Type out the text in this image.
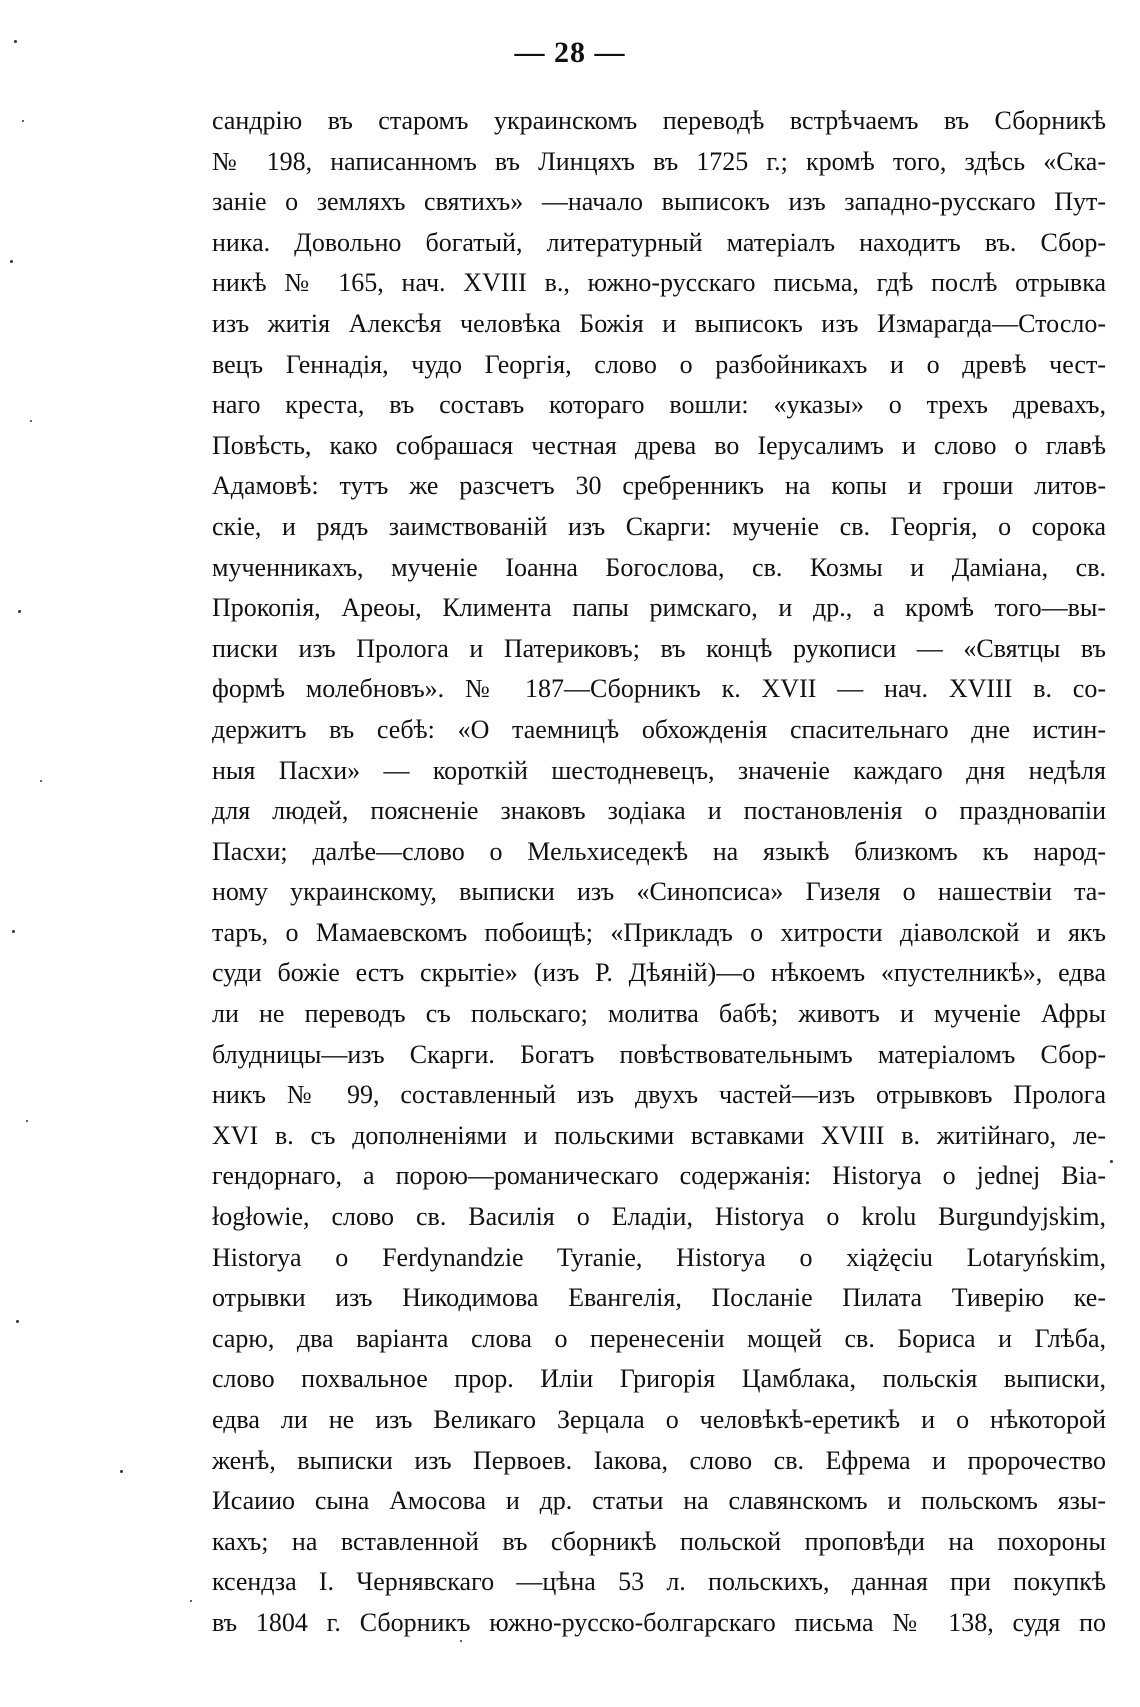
— 28 —
сандрію въ старомъ украинскомъ переводѣ встрѣчаемъ въ Сборникѣ
№ 198, написанномъ въ Линцяхъ въ 1725 г.; кромѣ того, здѣсь «Ска-
заніе о земляхъ святихъ» —начало выписокъ изъ западно-русскаго Пут-
ника. Довольно богатый, литературный матеріалъ находитъ въ. Сбор-
никѣ № 165, нач. XVIII в., южно-русскаго письма, гдѣ послѣ отрывка
изъ житія Алексѣя человѣка Божія и выписокъ изъ Измарагда—Стосло-
вецъ Геннадія, чудо Георгія, слово о разбойникахъ и о древѣ чест-
наго креста, въ составъ котораго вошли: «указы» о трехъ древахъ,
Повѣсть, како собрашася честная древа во Іерусалимъ и слово о главѣ
Адамовѣ: тутъ же разсчетъ 30 сребренникъ на копы и гроши литов-
скіе, и рядъ заимствованій изъ Скарги: мученіе св. Георгія, о сорока
мученникахъ, мученіе Іоанна Богослова, св. Козмы и Даміана, св.
Прокопія, Ареоы, Климента папы римскаго, и др., а кромѣ того—вы-
писки изъ Пролога и Патериковъ; въ концѣ рукописи — «Святцы въ
формѣ молебновъ». № 187—Сборникъ к. XVII — нач. XVIII в. со-
держитъ въ себѣ: «О таемницѣ обхожденія спасительнаго дне истин-
ныя Пасхи» — короткій шестодневецъ, значеніе каждаго дня недѣля
для людей, поясненіе знаковъ зодіака и постановленія о праздновапіи
Пасхи; далѣе—слово о Мельхиседекѣ на языкѣ близкомъ къ народ-
ному украинскому, выписки изъ «Синопсиса» Гизеля о нашествіи та-
таръ, о Мамаевскомъ побоищѣ; «Прикладъ о хитрости діаволской и якъ
суди божіе естъ скрытіе» (изъ Р. Дѣяній)—о нѣкоемъ «пустелникѣ», едва
ли не переводъ съ польскаго; молитва бабѣ; животъ и мученіе Афры
блудницы—изъ Скарги. Богатъ повѣствовательнымъ матеріаломъ Сбор-
никъ № 99, составленный изъ двухъ частей—изъ отрывковъ Пролога
XVI в. съ дополненіями и польскими вставками XVIII в. житійнаго, ле-
гендорнаго, а порою—романическаго содержанія: Historya o jednej Bia-
łogłowie, слово св. Василія о Еладіи, Historya o krolu Burgundyjskim,
Historya o Ferdynandzie Tyranie, Historya o xiążęciu Lotaryńskim,
отрывки изъ Никодимова Евангелія, Посланіе Пилата Тиверію ке-
сарю, два варіанта слова о перенесеніи мощей св. Бориса и Глѣба,
слово похвальное прор. Иліи Григорія Цамблака, польскія выписки,
едва ли не изъ Великаго Зерцала о человѣкѣ-еретикѣ и о нѣкоторой
женѣ, выписки изъ Первоев. Іакова, слово св. Ефрема и пророчество
Исаиио сына Амосова и др. статьи на славянскомъ и польскомъ язы-
кахъ; на вставленной въ сборникѣ польской проповѣди на похороны
ксендза І. Чернявскаго —цѣна 53 л. польскихъ, данная при покупкѣ
въ 1804 г. Сборникъ южно-русско-болгарскаго письма № 138, судя по
